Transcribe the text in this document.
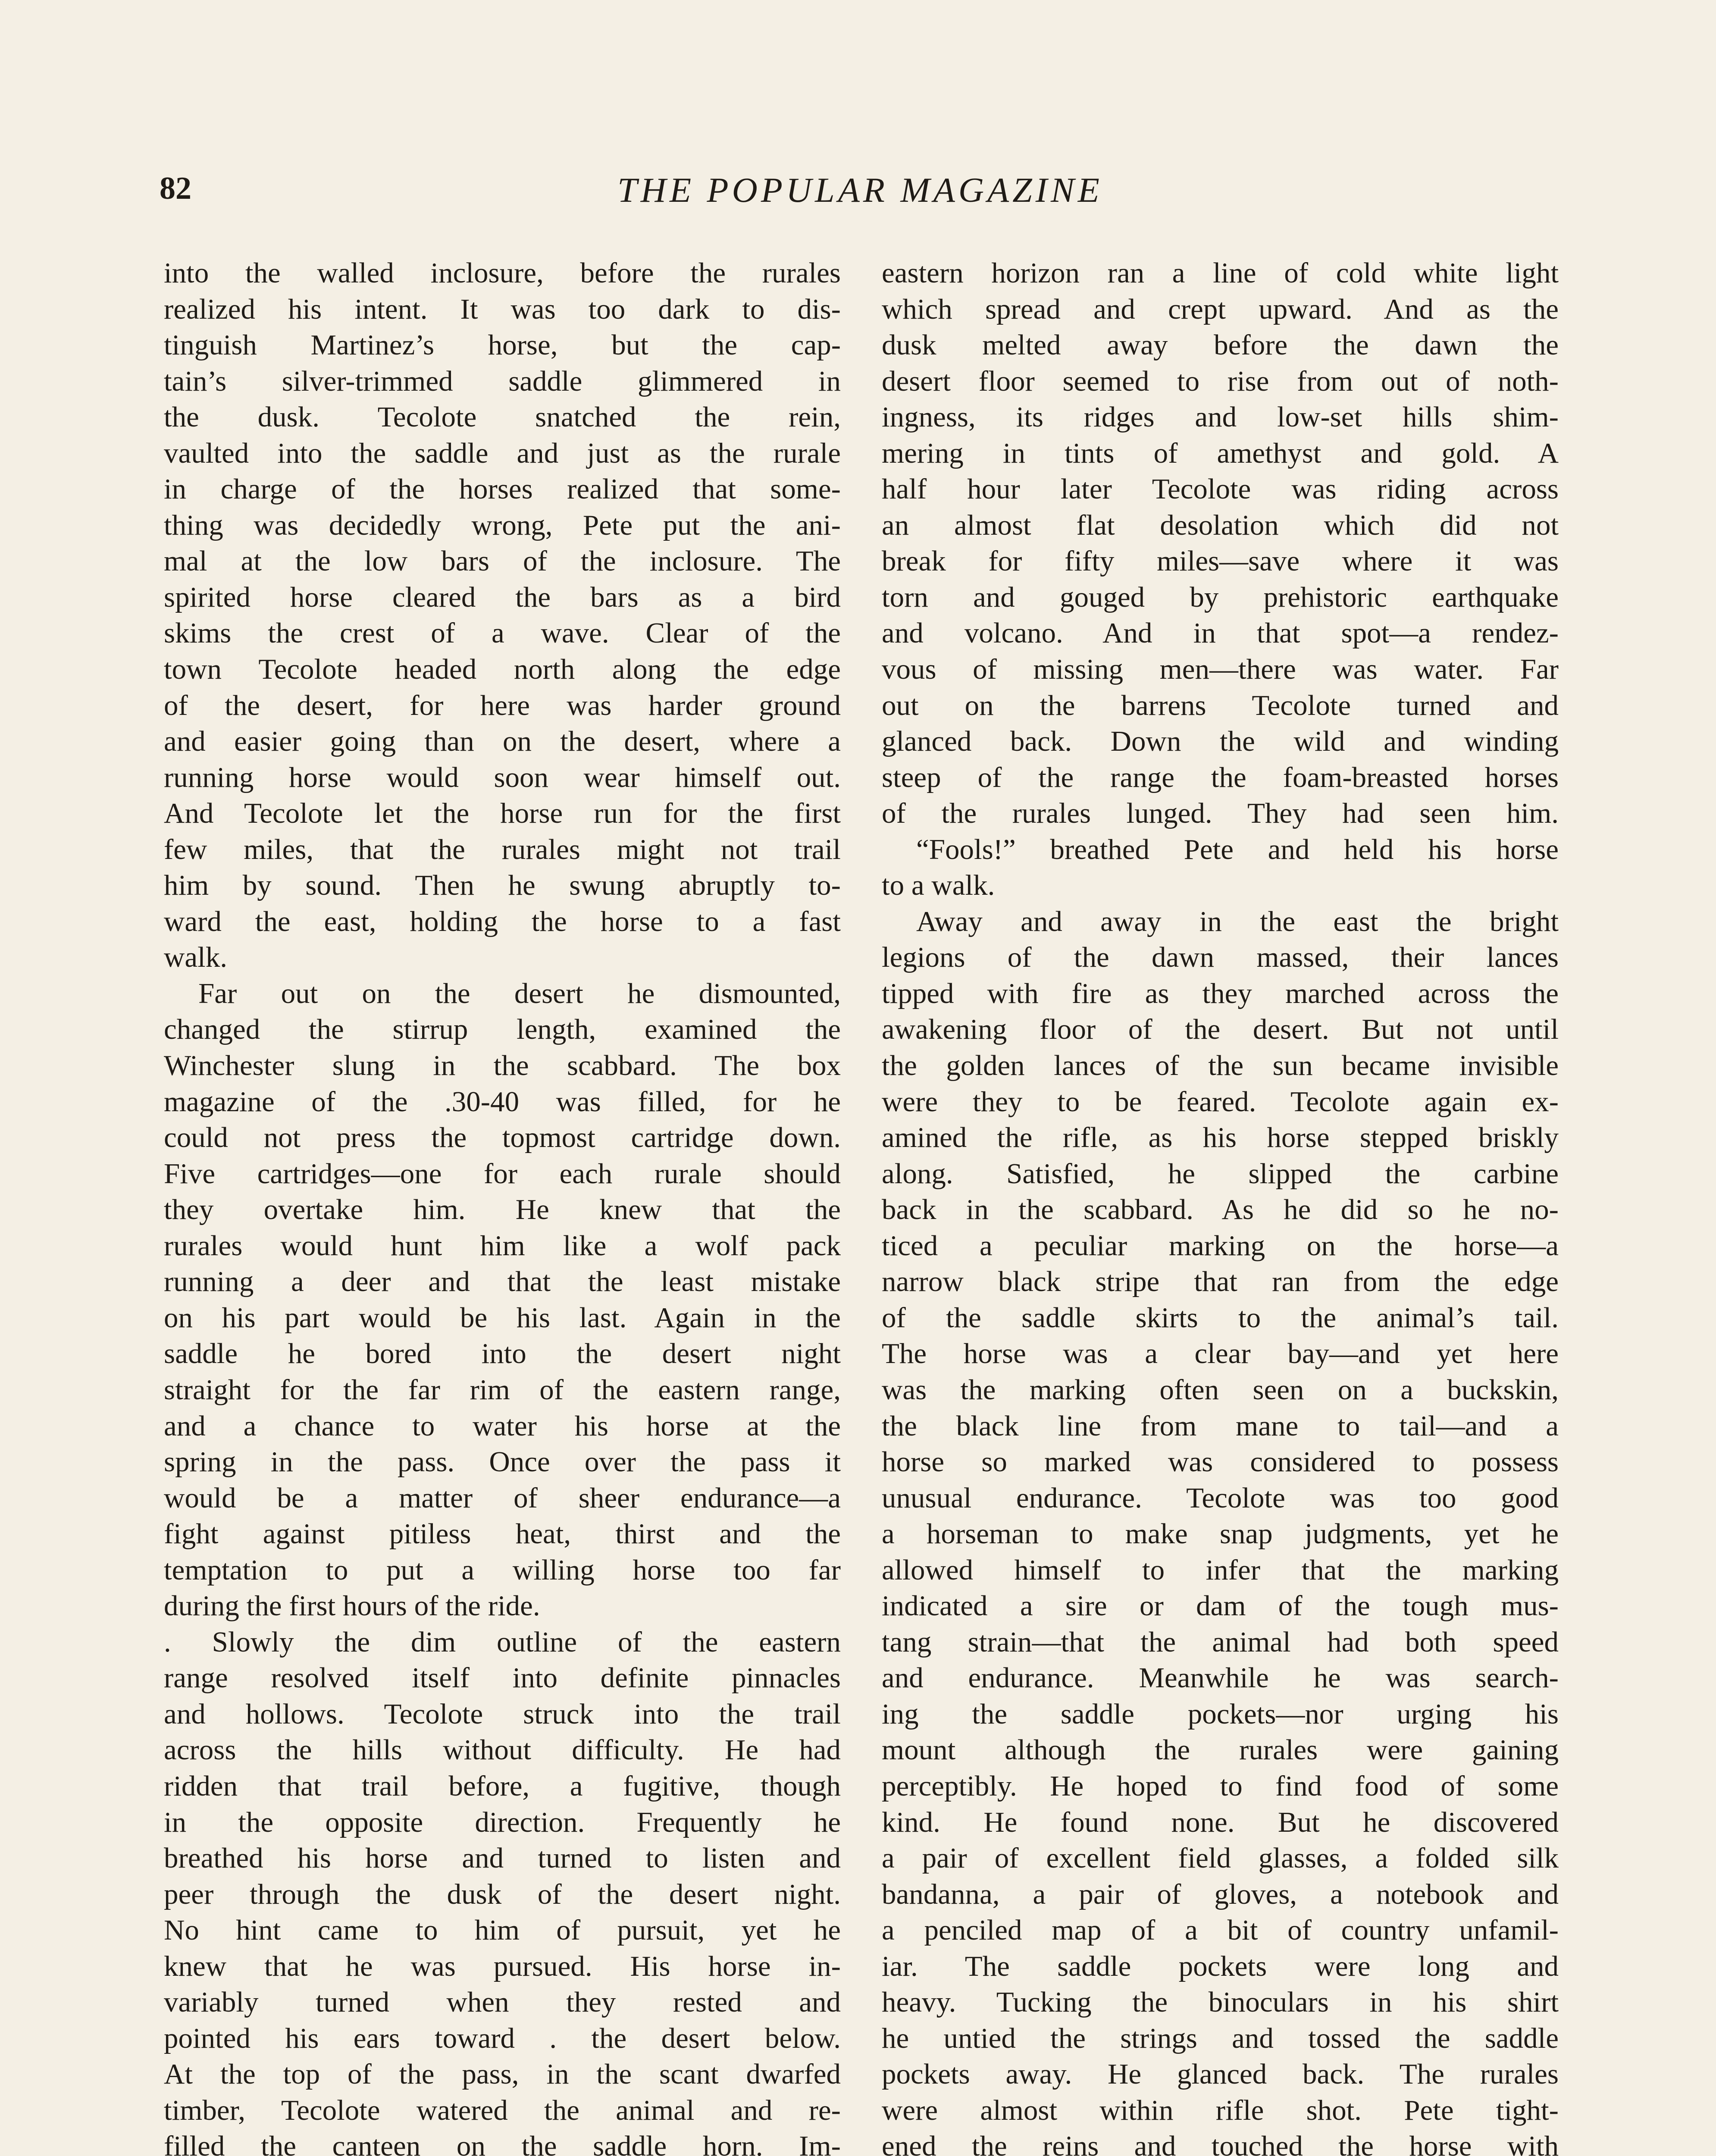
82	THE POPULAR MAGAZINE
into the walled inclosure, before the rurales
realized his intent. It was too dark to dis-
tinguish Martinez’s horse, but the cap-
tain’s silver-trimmed saddle glimmered in
the dusk. Tecolote snatched the rein,
vaulted into the saddle and just as the rurale
in charge of the horses realized that some-
thing was decidedly wrong, Pete put the ani-
mal at the low bars of the inclosure. The
spirited horse cleared the bars as a bird
skims the crest of a wave. Clear of the
town Tecolote headed north along the edge
of the desert, for here was harder ground
and easier going than on the desert, where a
running horse would soon wear himself out.
And Tecolote let the horse run for the first
few miles, that the rurales might not trail
him by sound. Then he swung abruptly to-
ward the east, holding the horse to a fast
walk.
Far out on the desert he dismounted,
changed the stirrup length, examined the
Winchester slung in the scabbard. The box
magazine of the .30-40 was filled, for he
could not press the topmost cartridge down.
Five cartridges—one for each rurale should
they overtake him. He knew that the
rurales would hunt him like a wolf pack
running a deer and that the least mistake
on his part would be his last. Again in the
saddle he bored into the desert night
straight for the far rim of the eastern range,
and a chance to water his horse at the
spring in the pass. Once over the pass it
would be a matter of sheer endurance—a
fight against pitiless heat, thirst and the
temptation to put a willing horse too far
during the first hours of the ride.
. Slowly the dim outline of the eastern
range resolved itself into definite pinnacles
and hollows. Tecolote struck into the trail
across the hills without difficulty. He had
ridden that trail before, a fugitive, though
in the opposite direction. Frequently he
breathed his horse and turned to listen and
peer through the dusk of the desert night.
No hint came to him of pursuit, yet he
knew that he was pursued. His horse in-
variably turned when they rested and
pointed his ears toward . the desert below.
At the top of the pass, in the scant dwarfed
timber, Tecolote watered the animal and re-
filled the canteen on the saddle horn. Im-
eastern horizon ran a line of cold white light
which spread and crept upward. And as the
dusk melted away before the dawn the
desert floor seemed to rise from out of noth-
ingness, its ridges and low-set hills shim-
mering in tints of amethyst and gold. A
half hour later Tecolote was riding across
an almost flat desolation which did not
break for fifty miles—save where it was
torn and gouged by prehistoric earthquake
and volcano. And in that spot—a rendez-
vous of missing men—there was water. Far
out on the barrens Tecolote turned and
glanced back. Down the wild and winding
steep of the range the foam-breasted horses
of the rurales lunged. They had seen him.
“Fools!” breathed Pete and held his horse
to a walk.
Away and away in the east the bright
legions of the dawn massed, their lances
tipped with fire as they marched across the
awakening floor of the desert. But not until
the golden lances of the sun became invisible
were they to be feared. Tecolote again ex-
amined the rifle, as his horse stepped briskly
along. Satisfied, he slipped the carbine
back in the scabbard. As he did so he no-
ticed a peculiar marking on the horse—a
narrow black stripe that ran from the edge
of the saddle skirts to the animal’s tail.
The horse was a clear bay—and yet here
was the marking often seen on a buckskin,
the black line from mane to tail—and a
horse so marked was considered to possess
unusual endurance. Tecolote was too good
a horseman to make snap judgments, yet he
allowed himself to infer that the marking
indicated a sire or dam of the tough mus-
tang strain—that the animal had both speed
and endurance. Meanwhile he was search-
ing the saddle pockets—nor urging his
mount although the rurales were gaining
perceptibly. He hoped to find food of some
kind. He found none. But he discovered
a pair of excellent field glasses, a folded silk
bandanna, a pair of gloves, a notebook and
a penciled map of a bit of country unfamil-
iar. The saddle pockets were long and
heavy. Tucking the binoculars in his shirt
he untied the strings and tossed the saddle
pockets away. He glanced back. The rurales
were almost within rifle shot. Pete tight-
ened the reins and touched the horse with
